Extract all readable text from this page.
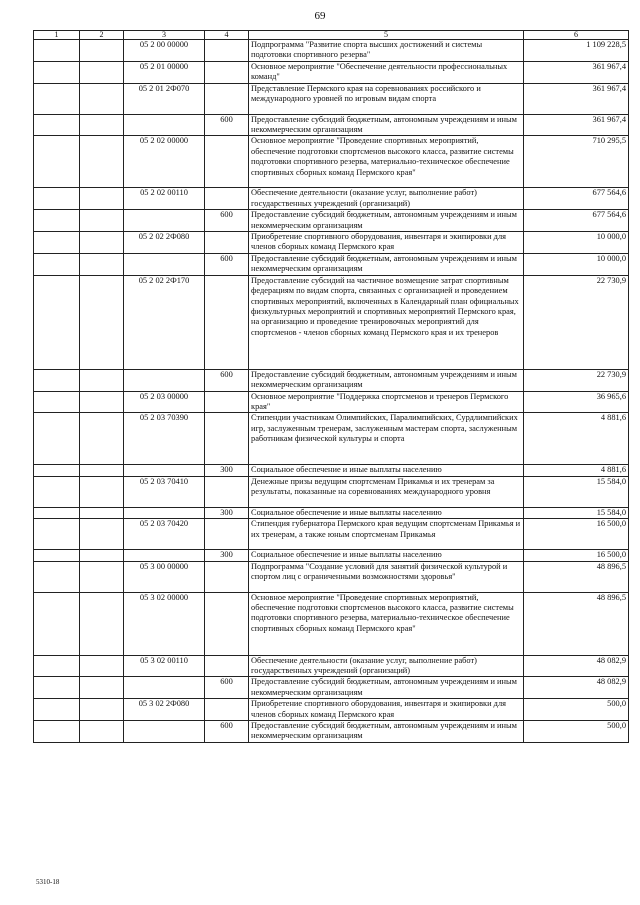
69
1	2	3	4	5	6
		05 2 00 00000		Подпрограмма "Развитие спорта высших достижений и системы подготовки спортивного резерва"	1 109 228,5
		05 2 01 00000		Основное мероприятие "Обеспечение деятельности профессиональных команд"	361 967,4
		05 2 01 2Ф070		Представление Пермского края на соревнованиях российского и международного уровней по игровым видам спорта	361 967,4
			600	Предоставление субсидий бюджетным, автономным учреждениям и иным некоммерческим организациям	361 967,4
		05 2 02 00000		Основное мероприятие "Проведение спортивных мероприятий, обеспечение подготовки спортсменов высокого класса, развитие системы подготовки спортивного резерва, материально-техническое обеспечение спортивных сборных команд Пермского края"	710 295,5
		05 2 02 00110		Обеспечение деятельности (оказание услуг, выполнение работ) государственных учреждений (организаций)	677 564,6
			600	Предоставление субсидий бюджетным, автономным учреждениям и иным некоммерческим организациям	677 564,6
		05 2 02 2Ф080		Приобретение спортивного оборудования, инвентаря и экипировки для членов сборных команд Пермского края	10 000,0
			600	Предоставление субсидий бюджетным, автономным учреждениям и иным некоммерческим организациям	10 000,0
		05 2 02 2Ф170		Предоставление субсидий на частичное возмещение затрат спортивным федерациям по видам спорта, связанных с организацией и проведением спортивных мероприятий, включенных в Календарный план официальных физкультурных мероприятий и спортивных мероприятий Пермского края, на организацию и проведение тренировочных мероприятий для спортсменов - членов сборных команд Пермского края и их тренеров	22 730,9
			600	Предоставление субсидий бюджетным, автономным учреждениям и иным некоммерческим организациям	22 730,9
		05 2 03 00000		Основное мероприятие "Поддержка спортсменов и тренеров Пермского края"	36 965,6
		05 2 03 70390		Стипендии участникам Олимпийских, Паралимпийских, Сурдлимпийских игр, заслуженным тренерам, заслуженным мастерам спорта, заслуженным работникам физической культуры и спорта	4 881,6
			300	Социальное обеспечение и иные выплаты населению	4 881,6
		05 2 03 70410		Денежные призы ведущим спортсменам Прикамья и их тренерам за результаты, показанные на соревнованиях международного уровня	15 584,0
			300	Социальное обеспечение и иные выплаты населению	15 584,0
		05 2 03 70420		Стипендия губернатора Пермского края ведущим спортсменам Прикамья и их тренерам, а также юным спортсменам Прикамья	16 500,0
			300	Социальное обеспечение и иные выплаты населению	16 500,0
		05 3 00 00000		Подпрограмма "Создание условий для занятий физической культурой и спортом лиц с ограниченными возможностями здоровья"	48 896,5
		05 3 02 00000		Основное мероприятие "Проведение спортивных мероприятий, обеспечение подготовки спортсменов высокого класса, развитие системы подготовки спортивного резерва, материально-техническое обеспечение спортивных сборных команд Пермского края"	48 896,5
		05 3 02 00110		Обеспечение деятельности (оказание услуг, выполнение работ) государственных учреждений (организаций)	48 082,9
			600	Предоставление субсидий бюджетным, автономным учреждениям и иным некоммерческим организациям	48 082,9
		05 3 02 2Ф080		Приобретение спортивного оборудования, инвентаря и экипировки для членов сборных команд Пермского края	500,0
			600	Предоставление субсидий бюджетным, автономным учреждениям и иным некоммерческим организациям	500,0
5310-18
